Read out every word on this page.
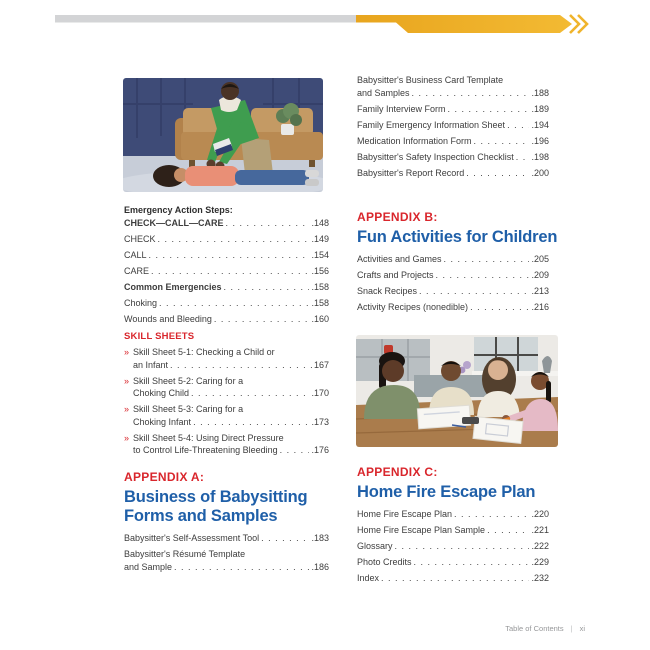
Emergency Action Steps:
CHECK—CALL—CARE . . .	.148
CHECK . . .	.149
CALL . . .	.154
CARE . . .	.156
Common Emergencies . . .	.158
Choking . . .	.158
Wounds and Bleeding . . .	.160
SKILL SHEETS
» Skill Sheet 5-1: Checking a Child or
an Infant . . .	167
» Skill Sheet 5-2: Caring for a
Choking Child . . .	.170
» Skill Sheet 5-3: Caring for a
Choking Infant . . .	.173
» Skill Sheet 5-4: Using Direct Pressure
to Control Life-Threatening Bleeding . . .	.176
APPENDIX A:
Business of Babysitting
Forms and Samples
Babysitter's Self-Assessment Tool . . .	.183
Babysitter's Résumé Template
and Sample . . .	.186
Babysitter's Business Card Template
and Samples . . .	.188
Family Interview Form . . .	.189
Family Emergency Information Sheet . . .	.194
Medication Information Form . . .	.196
Babysitter's Safety Inspection Checklist . . . .198
Babysitter's Report Record . . .	.200
APPENDIX B:
Fun Activities for Children
Activities and Games . . .	.205
Crafts and Projects . . .	.209
Snack Recipes . . .	.213
Activity Recipes (nonedible) . . .	.216
APPENDIX C:
Home Fire Escape Plan
Home Fire Escape Plan . . .	.220
Home Fire Escape Plan Sample . . .	.221
Glossary . . .	.222
Photo Credits . . .	.229
Index . . .	.232
Table of Contents | xi
